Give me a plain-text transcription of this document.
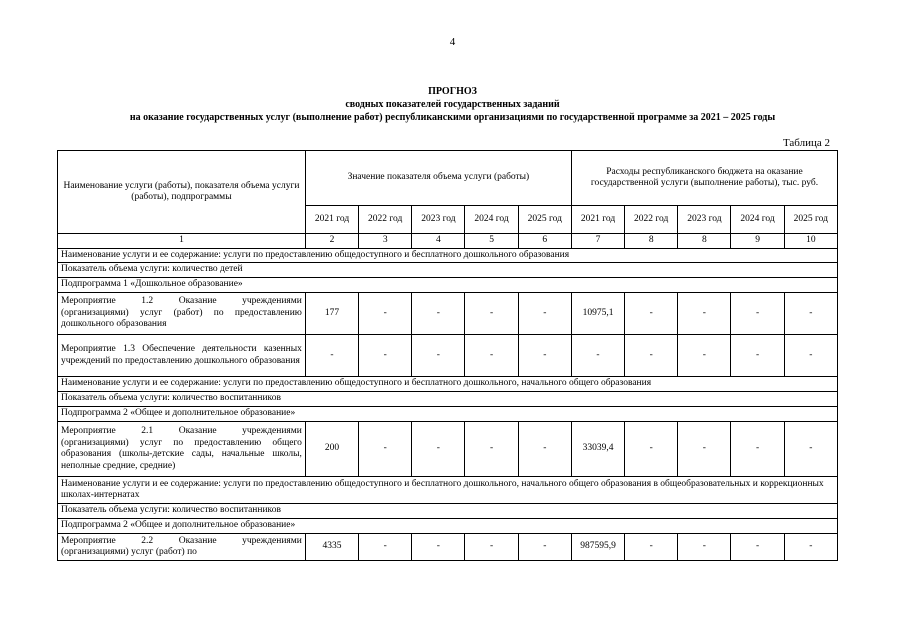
4
ПРОГНОЗ
сводных показателей государственных заданий
на оказание государственных услуг (выполнение работ) республиканскими организациями по государственной программе за 2021 – 2025 годы
Таблица 2
Наименование услуги (работы), показателя объема услуги (работы), подпрограммы	Значение показателя объема услуги (работы)					Расходы республиканского бюджета на оказание государственной услуги (выполнение работы), тыс. руб.				
	2021 год	2022 год	2023 год	2024 год	2025 год	2021 год	2022 год	2023 год	2024 год	2025 год
1	2	3	4	5	6	7	8	8	9	10
Наименование услуги и ее содержание: услуги по предоставлению общедоступного и бесплатного дошкольного образования										
Показатель объема услуги: количество детей										
Подпрограмма 1 «Дошкольное образование»										
Мероприятие 1.2 Оказание учреждениями (организациями) услуг (работ) по предоставлению дошкольного образования	177	-	-	-	-	10975,1	-	-	-	-
Мероприятие 1.3 Обеспечение деятельности казенных учреждений по предоставлению дошкольного образования	-	-	-	-	-	-	-	-	-	-
Наименование услуги и ее содержание: услуги по предоставлению общедоступного и бесплатного дошкольного, начального общего образования										
Показатель объема услуги: количество воспитанников										
Подпрограмма 2 «Общее и дополнительное образование»										
Мероприятие 2.1 Оказание учреждениями (организациями) услуг по предоставлению общего образования (школы-детские сады, начальные школы, неполные средние, средние)	200	-	-	-	-	33039,4	-	-	-	-
Наименование услуги и ее содержание: услуги по предоставлению общедоступного и бесплатного дошкольного, начального общего образования в общеобразовательных и коррекционных школах-интернатах										
Показатель объема услуги: количество воспитанников										
Подпрограмма 2 «Общее и дополнительное образование»										
Мероприятие 2.2 Оказание учреждениями (организациями) услуг (работ) по	4335	-	-	-	-	987595,9	-	-	-	-
